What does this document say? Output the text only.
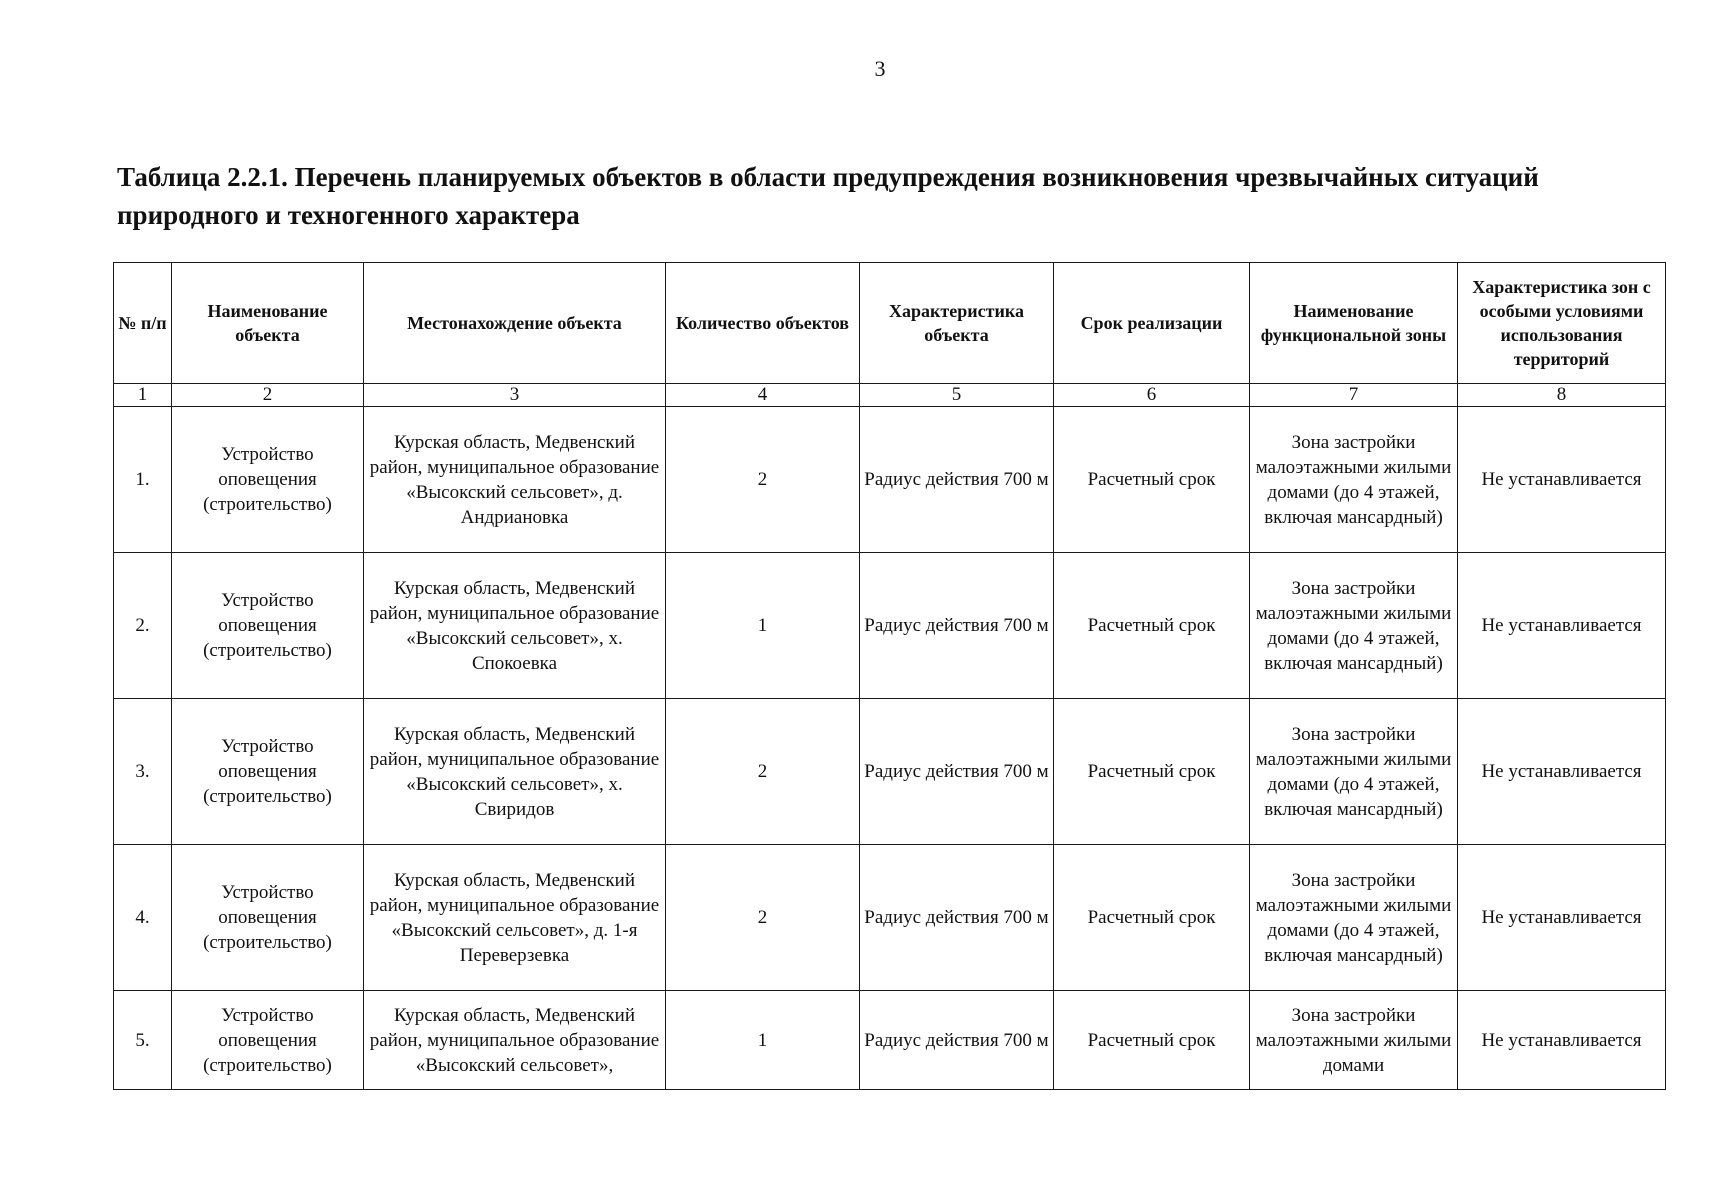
3
Таблица 2.2.1. Перечень планируемых объектов в области предупреждения возникновения чрезвычайных ситуаций природного и техногенного характера
№ п/п	Наименование объекта	Местонахождение объекта	Количество объектов	Характеристика объекта	Срок реализации	Наименование функциональной зоны	Характеристика зон с особыми условиями использования территорий
1	2	3	4	5	6	7	8
1.	Устройство оповещения (строительство)	Курская область, Медвенский район, муниципальное образование «Высокский сельсовет», д. Андриановка	2	Радиус действия 700 м	Расчетный срок	Зона застройки малоэтажными жилыми домами (до 4 этажей, включая мансардный)	Не устанавливается
2.	Устройство оповещения (строительство)	Курская область, Медвенский район, муниципальное образование «Высокский сельсовет», х. Спокоевка	1	Радиус действия 700 м	Расчетный срок	Зона застройки малоэтажными жилыми домами (до 4 этажей, включая мансардный)	Не устанавливается
3.	Устройство оповещения (строительство)	Курская область, Медвенский район, муниципальное образование «Высокский сельсовет», х. Свиридов	2	Радиус действия 700 м	Расчетный срок	Зона застройки малоэтажными жилыми домами (до 4 этажей, включая мансардный)	Не устанавливается
4.	Устройство оповещения (строительство)	Курская область, Медвенский район, муниципальное образование «Высокский сельсовет», д. 1-я Переверзевка	2	Радиус действия 700 м	Расчетный срок	Зона застройки малоэтажными жилыми домами (до 4 этажей, включая мансардный)	Не устанавливается
5.	Устройство оповещения (строительство)	Курская область, Медвенский район, муниципальное образование «Высокский сельсовет»,	1	Радиус действия 700 м	Расчетный срок	Зона застройки малоэтажными жилыми домами	Не устанавливается
